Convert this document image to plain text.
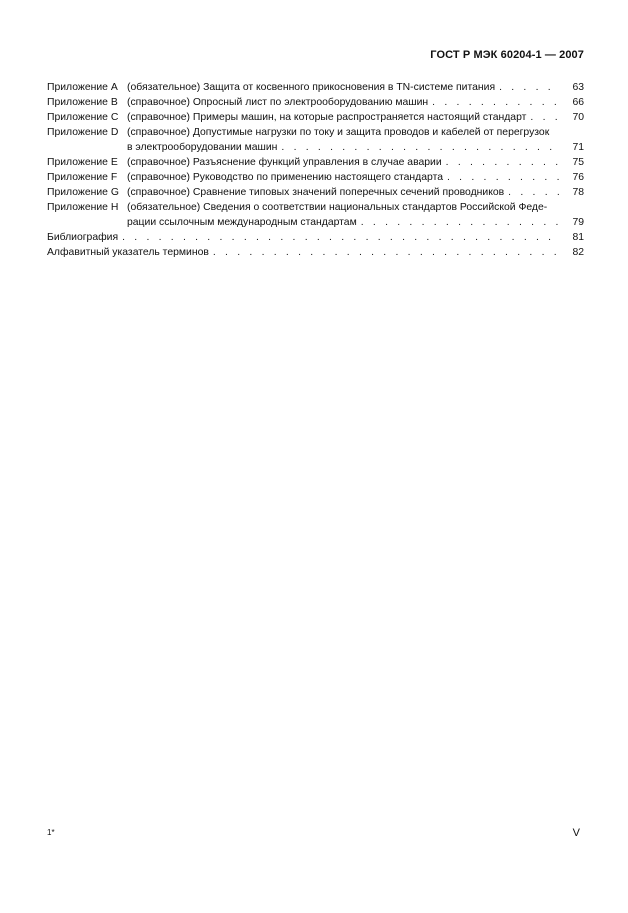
ГОСТ Р МЭК 60204-1 — 2007
Приложение А (обязательное) Защита от косвенного прикосновения в TN-системе питания . . .	63
Приложение В (справочное) Опросный лист по электрооборудованию машин . . .	66
Приложение С (справочное) Примеры машин, на которые распространяется настоящий стандарт . . .	70
Приложение D (справочное) Допустимые нагрузки по току и защита проводов и кабелей от перегрузок
в электрооборудовании машин . . .	71
Приложение Е (справочное) Разъяснение функций управления в случае аварии . . .	75
Приложение F (справочное) Руководство по применению настоящего стандарта . . .	76
Приложение G (справочное) Сравнение типовых значений поперечных сечений проводников . . .	78
Приложение Н (обязательное) Сведения о соответствии национальных стандартов Российской Феде-
рации ссылочным международным стандартам . . .	79
Библиография . . .	81
Алфавитный указатель терминов . . .	82
1*	V
